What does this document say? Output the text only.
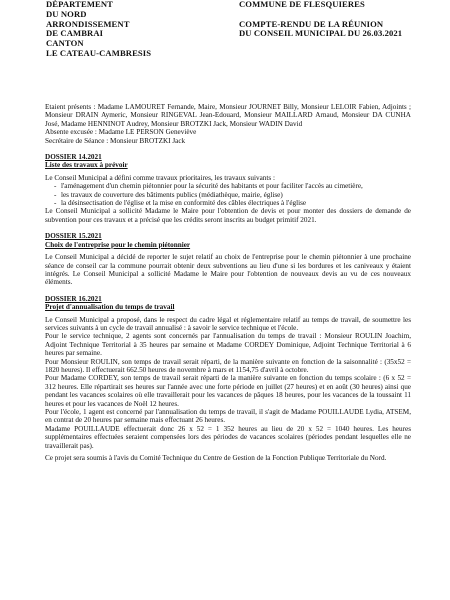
DÉPARTEMENT
DU NORD
ARRONDISSEMENT
DE CAMBRAI
CANTON
LE CATEAU-CAMBRESIS
COMMUNE DE FLESQUIERES
COMPTE-RENDU DE LA RÉUNION
DU CONSEIL MUNICIPAL DU 26.03.2021

Etaient présents : Madame LAMOURET Fernande, Maire, Monsieur JOURNET Billy, Monsieur LELOIR Fabien, Adjoints ; Monsieur DRAIN Aymeric, Monsieur RINGEVAL Jean-Edouard, Monsieur MAILLARD Arnaud, Monsieur DA CUNHA José, Madame HENNINOT Audrey, Monsieur BROTZKI Jack, Monsieur WADIN David

Absente excusée : Madame LE PERSON Geneviève

Secrétaire de Séance : Monsieur BROTZKI Jack

DOSSIER 14.2021

Liste des travaux à prévoir

Le Conseil Municipal a défini comme travaux prioritaires, les travaux suivants :

- l'aménagement d'un chemin piétonnier pour la sécurité des habitants et pour faciliter l'accès au cimetière,
- les travaux de couverture des bâtiments publics (médiathèque, mairie, église)
- la désinsectisation de l'église et la mise en conformité des câbles électriques à l'église

Le Conseil Municipal a sollicité Madame le Maire pour l'obtention de devis et pour monter des dossiers de demande de subvention pour ces travaux et a précisé que les crédits seront inscrits au budget primitif 2021.

DOSSIER 15.2021

Choix de l'entreprise pour le chemin piétonnier

Le Conseil Municipal a décidé de reporter le sujet relatif au choix de l'entreprise pour le chemin piétonnier à une prochaine séance de conseil car la commune pourrait obtenir deux subventions au lieu d'une si les bordures et les caniveaux y étaient intégrés. Le Conseil Municipal a sollicité Madame le Maire pour l'obtention de nouveaux devis au vu de ces nouveaux éléments.

DOSSIER 16.2021

Projet d'annualisation du temps de travail

Le Conseil Municipal a proposé, dans le respect du cadre légal et réglementaire relatif au temps de travail, de soumettre les services suivants à un cycle de travail annualisé : à savoir le service technique et l'école.

Pour le service technique, 2 agents sont concernés par l'annualisation du temps de travail : Monsieur ROULIN Joachim, Adjoint Technique Territorial à 35 heures par semaine et Madame CORDEY Dominique, Adjoint Technique Territorial à 6 heures par semaine.

Pour Monsieur ROULIN, son temps de travail serait réparti, de la manière suivante en fonction de la saisonnalité : (35x52 = 1820 heures). Il effectuerait 662.50 heures de novembre à mars et 1154,75 d'avril à octobre.

Pour Madame CORDEY, son temps de travail serait réparti de la manière suivante en fonction du temps scolaire : (6 x 52 = 312 heures. Elle répartirait ses heures sur l'année avec une forte période en juillet (27 heures) et en août (30 heures) ainsi que pendant les vacances scolaires où elle travaillerait pour les vacances de pâques 18 heures, pour les vacances de la toussaint 11 heures et pour les vacances de Noël 12 heures.

Pour l'école, 1 agent est concerné par l'annualisation du temps de travail, il s'agit de Madame POUILLAUDE Lydia, ATSEM, en contrat de 20 heures par semaine mais effectuant 26 heures.

Madame POUILLAUDE effectuerait donc 26 x 52 = 1 352 heures au lieu de 20 x 52 = 1040 heures. Les heures supplémentaires effectuées seraient compensées lors des périodes de vacances scolaires (périodes pendant lesquelles elle ne travaillerait pas).

Ce projet sera soumis à l'avis du Comité Technique du Centre de Gestion de la Fonction Publique Territoriale du Nord.
